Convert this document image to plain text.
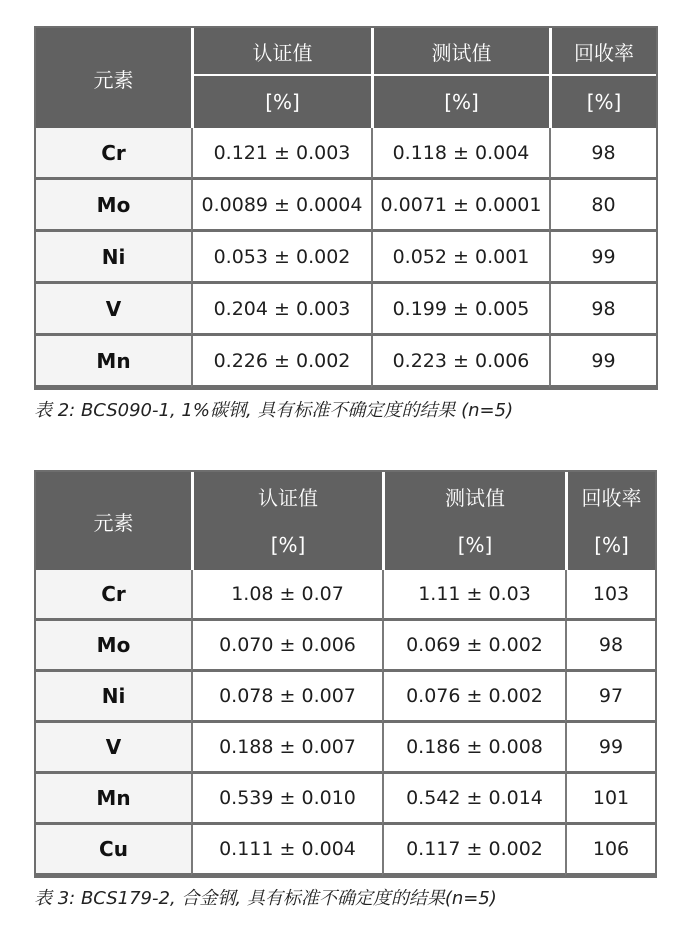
元素	认证值	测试值	回收率
	[%]	[%]	[%]
Cr	0.121 ± 0.003	0.118 ± 0.004	98
Mo	0.0089 ± 0.0004	0.0071 ± 0.0001	80
Ni	0.053 ± 0.002	0.052 ± 0.001	99
V	0.204 ± 0.003	0.199 ± 0.005	98
Mn	0.226 ± 0.002	0.223 ± 0.006	99
表 2: BCS090-1, 1%碳钢, 具有标准不确定度的结果 (n=5)
元素	认证值	测试值	回收率
	[%]	[%]	[%]
Cr	1.08 ± 0.07	1.11 ± 0.03	103
Mo	0.070 ± 0.006	0.069 ± 0.002	98
Ni	0.078 ± 0.007	0.076 ± 0.002	97
V	0.188 ± 0.007	0.186 ± 0.008	99
Mn	0.539 ± 0.010	0.542 ± 0.014	101
Cu	0.111 ± 0.004	0.117 ± 0.002	106
表 3: BCS179-2, 合金钢, 具有标准不确定度的结果(n=5)
